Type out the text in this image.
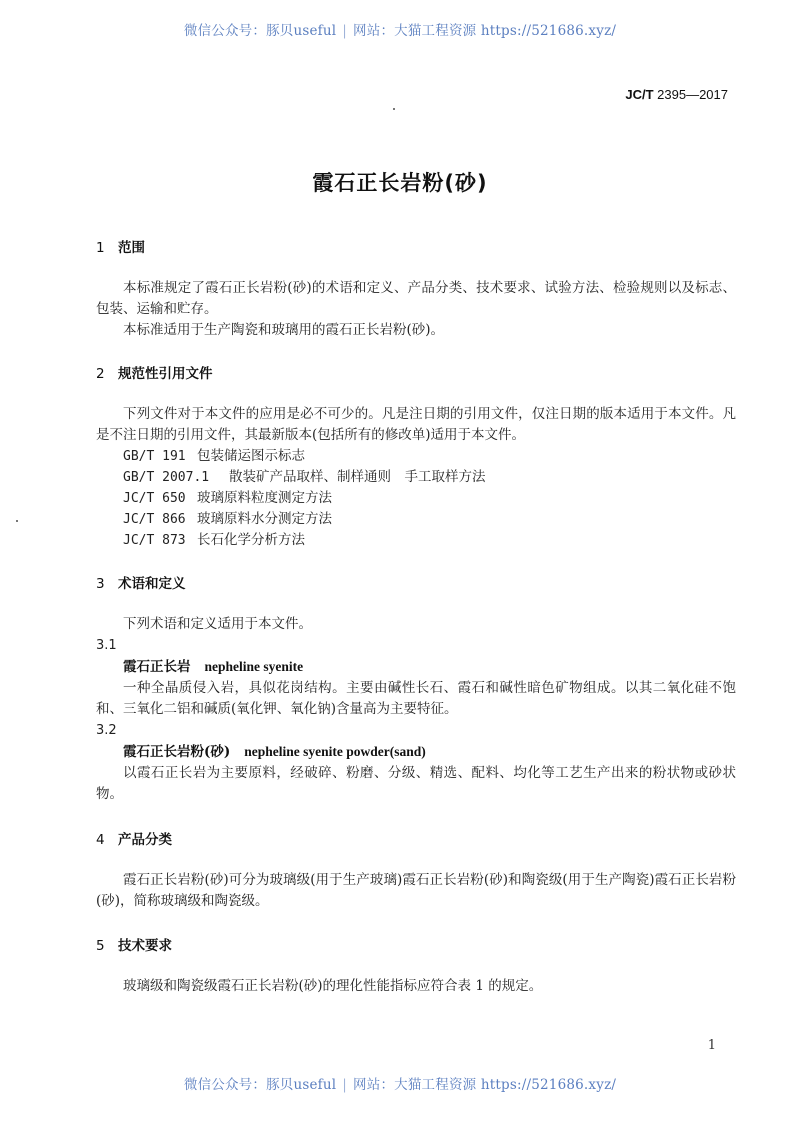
微信公众号：豚贝useful | 网站：大猫工程资源 https://521686.xyz/
JC/T 2395—2017
霞石正长岩粉(砂)
1 范围

本标准规定了霞石正长岩粉(砂)的术语和定义、产品分类、技术要求、试验方法、检验规则以及标志、包装、运输和贮存。

本标准适用于生产陶瓷和玻璃用的霞石正长岩粉(砂)。

2 规范性引用文件

下列文件对于本文件的应用是必不可少的。凡是注日期的引用文件，仅注日期的版本适用于本文件。凡是不注日期的引用文件，其最新版本(包括所有的修改单)适用于本文件。

GB/T 191 包装储运图示标志
GB/T 2007.1 散装矿产品取样、制样通则　手工取样方法
JC/T 650 玻璃原料粒度测定方法
JC/T 866 玻璃原料水分测定方法
JC/T 873 长石化学分析方法
3 术语和定义

下列术语和定义适用于本文件。

3.1
霞石正长岩 nepheline syenite

一种全晶质侵入岩，具似花岗结构。主要由碱性长石、霞石和碱性暗色矿物组成。以其二氧化硅不饱和、三氧化二铝和碱质(氧化钾、氧化钠)含量高为主要特征。

3.2
霞石正长岩粉(砂) nepheline syenite powder(sand)

以霞石正长岩为主要原料，经破碎、粉磨、分级、精选、配料、均化等工艺生产出来的粉状物或砂状物。

4 产品分类

霞石正长岩粉(砂)可分为玻璃级(用于生产玻璃)霞石正长岩粉(砂)和陶瓷级(用于生产陶瓷)霞石正长岩粉(砂)，简称玻璃级和陶瓷级。

5 技术要求

玻璃级和陶瓷级霞石正长岩粉(砂)的理化性能指标应符合表 1 的规定。

1
微信公众号：豚贝useful | 网站：大猫工程资源 https://521686.xyz/
